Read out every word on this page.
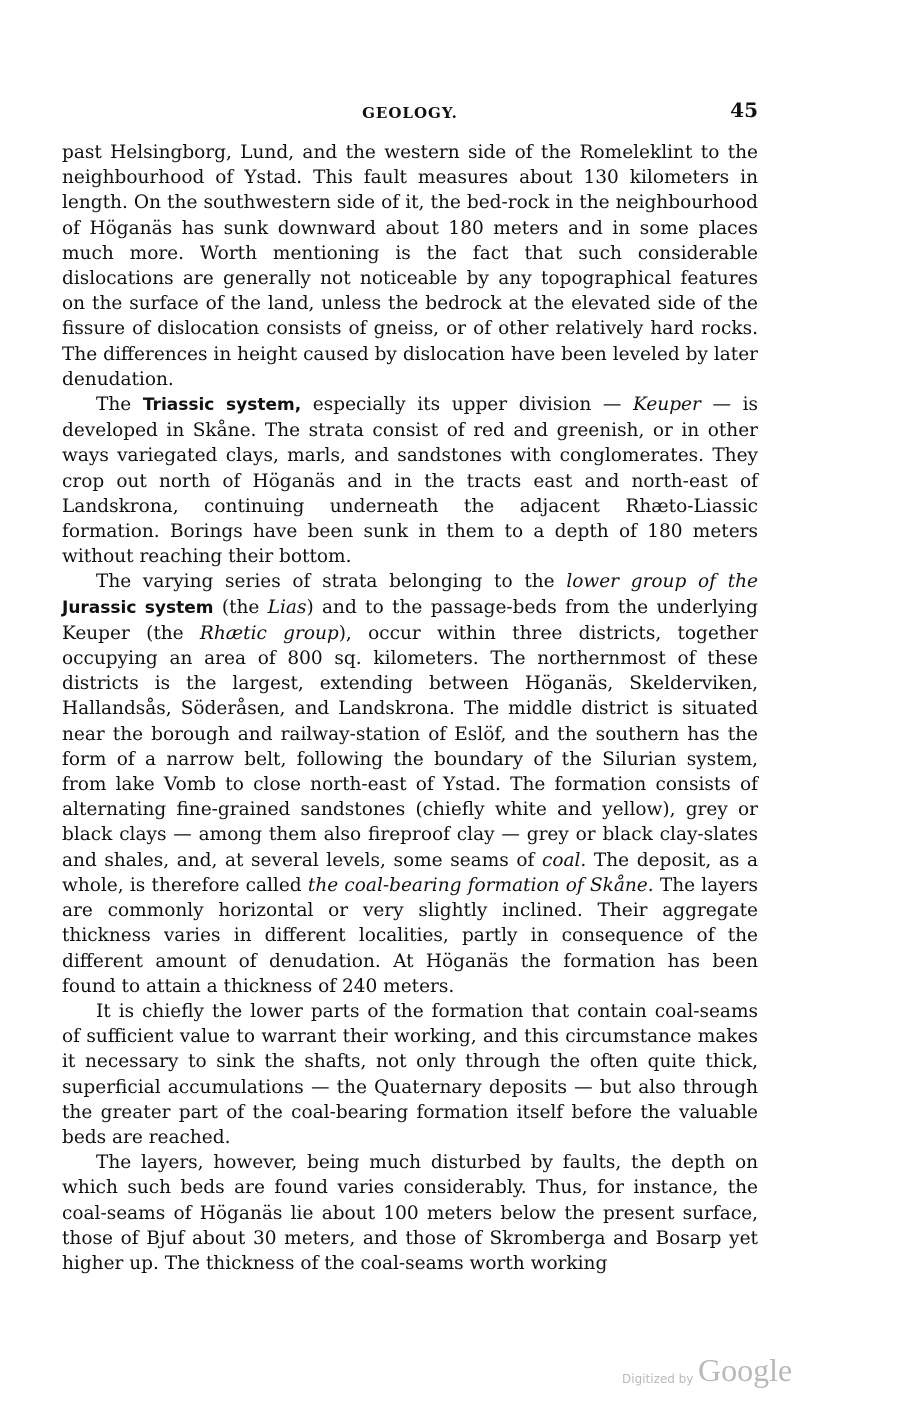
GEOLOGY.	45

past Helsingborg, Lund, and the western side of the Romeleklint to the neighbourhood of Ystad. This fault measures about 130 kilometers in length. On the southwestern side of it, the bed-rock in the neighbourhood of Höganäs has sunk downward about 180 meters and in some places much more. Worth mentioning is the fact that such considerable dislocations are generally not noticeable by any topographical features on the surface of the land, unless the bedrock at the elevated side of the fissure of dislocation consists of gneiss, or of other relatively hard rocks. The differences in height caused by dislocation have been leveled by later denudation.

The Triassic system, especially its upper division — Keuper — is developed in Skåne. The strata consist of red and greenish, or in other ways variegated clays, marls, and sandstones with conglomerates. They crop out north of Höganäs and in the tracts east and north-east of Landskrona, continuing underneath the adjacent Rhæto-Liassic formation. Borings have been sunk in them to a depth of 180 meters without reaching their bottom.

The varying series of strata belonging to the lower group of the Jurassic system (the Lias) and to the passage-beds from the underlying Keuper (the Rhætic group), occur within three districts, together occupying an area of 800 sq. kilometers. The northernmost of these districts is the largest, extending between Höganäs, Skelderviken, Hallandsås, Söderåsen, and Landskrona. The middle district is situated near the borough and railway-station of Eslöf, and the southern has the form of a narrow belt, following the boundary of the Silurian system, from lake Vomb to close north-east of Ystad. The formation consists of alternating fine-grained sandstones (chiefly white and yellow), grey or black clays — among them also fireproof clay — grey or black clay-slates and shales, and, at several levels, some seams of coal. The deposit, as a whole, is therefore called the coal-bearing formation of Skåne. The layers are commonly horizontal or very slightly inclined. Their aggregate thickness varies in different localities, partly in consequence of the different amount of denudation. At Höganäs the formation has been found to attain a thickness of 240 meters.

It is chiefly the lower parts of the formation that contain coal-seams of sufficient value to warrant their working, and this circumstance makes it necessary to sink the shafts, not only through the often quite thick, superficial accumulations — the Quaternary deposits — but also through the greater part of the coal-bearing formation itself before the valuable beds are reached.

The layers, however, being much disturbed by faults, the depth on which such beds are found varies considerably. Thus, for instance, the coal-seams of Höganäs lie about 100 meters below the present surface, those of Bjuf about 30 meters, and those of Skromberga and Bosarp yet higher up. The thickness of the coal-seams worth working

Digitized by Google
